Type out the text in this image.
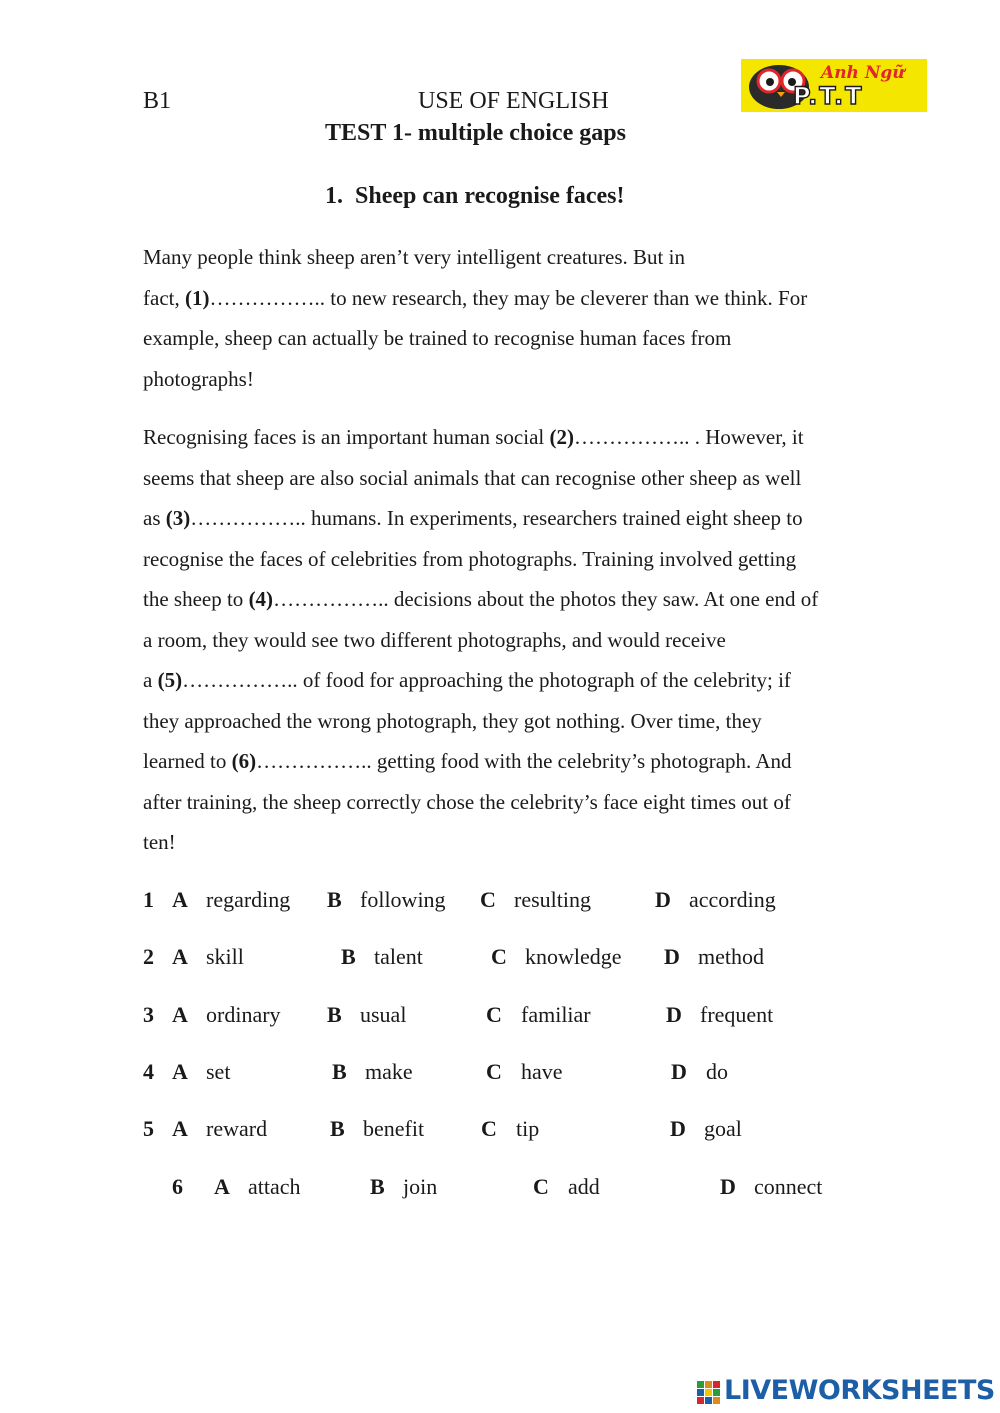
B1	USE OF ENGLISH
TEST 1- multiple choice gaps
Anh Ngữ
P.T.T
1. Sheep can recognise faces!
Many people think sheep aren’t very intelligent creatures. But in
fact, (1)…………….. to new research, they may be cleverer than we think. For
example, sheep can actually be trained to recognise human faces from
photographs!
Recognising faces is an important human social (2)…………….. . However, it
seems that sheep are also social animals that can recognise other sheep as well
as (3)…………….. humans. In experiments, researchers trained eight sheep to
recognise the faces of celebrities from photographs. Training involved getting
the sheep to (4)…………….. decisions about the photos they saw. At one end of
a room, they would see two different photographs, and would receive
a (5)…………….. of food for approaching the photograph of the celebrity; if
they approached the wrong photograph, they got nothing. Over time, they
learned to (6)…………….. getting food with the celebrity’s photograph. And
after training, the sheep correctly chose the celebrity’s face eight times out of
ten!
1 A regarding B following C resulting	D according
2 A skill	B talent	C knowledge D method
3 A ordinary B usual	C familiar	D frequent
4 A set	B make	C have	D do
5 A reward	B benefit	C tip	D goal
6 A attach	B join	C add	D connect
LIVEWORKSHEETS
